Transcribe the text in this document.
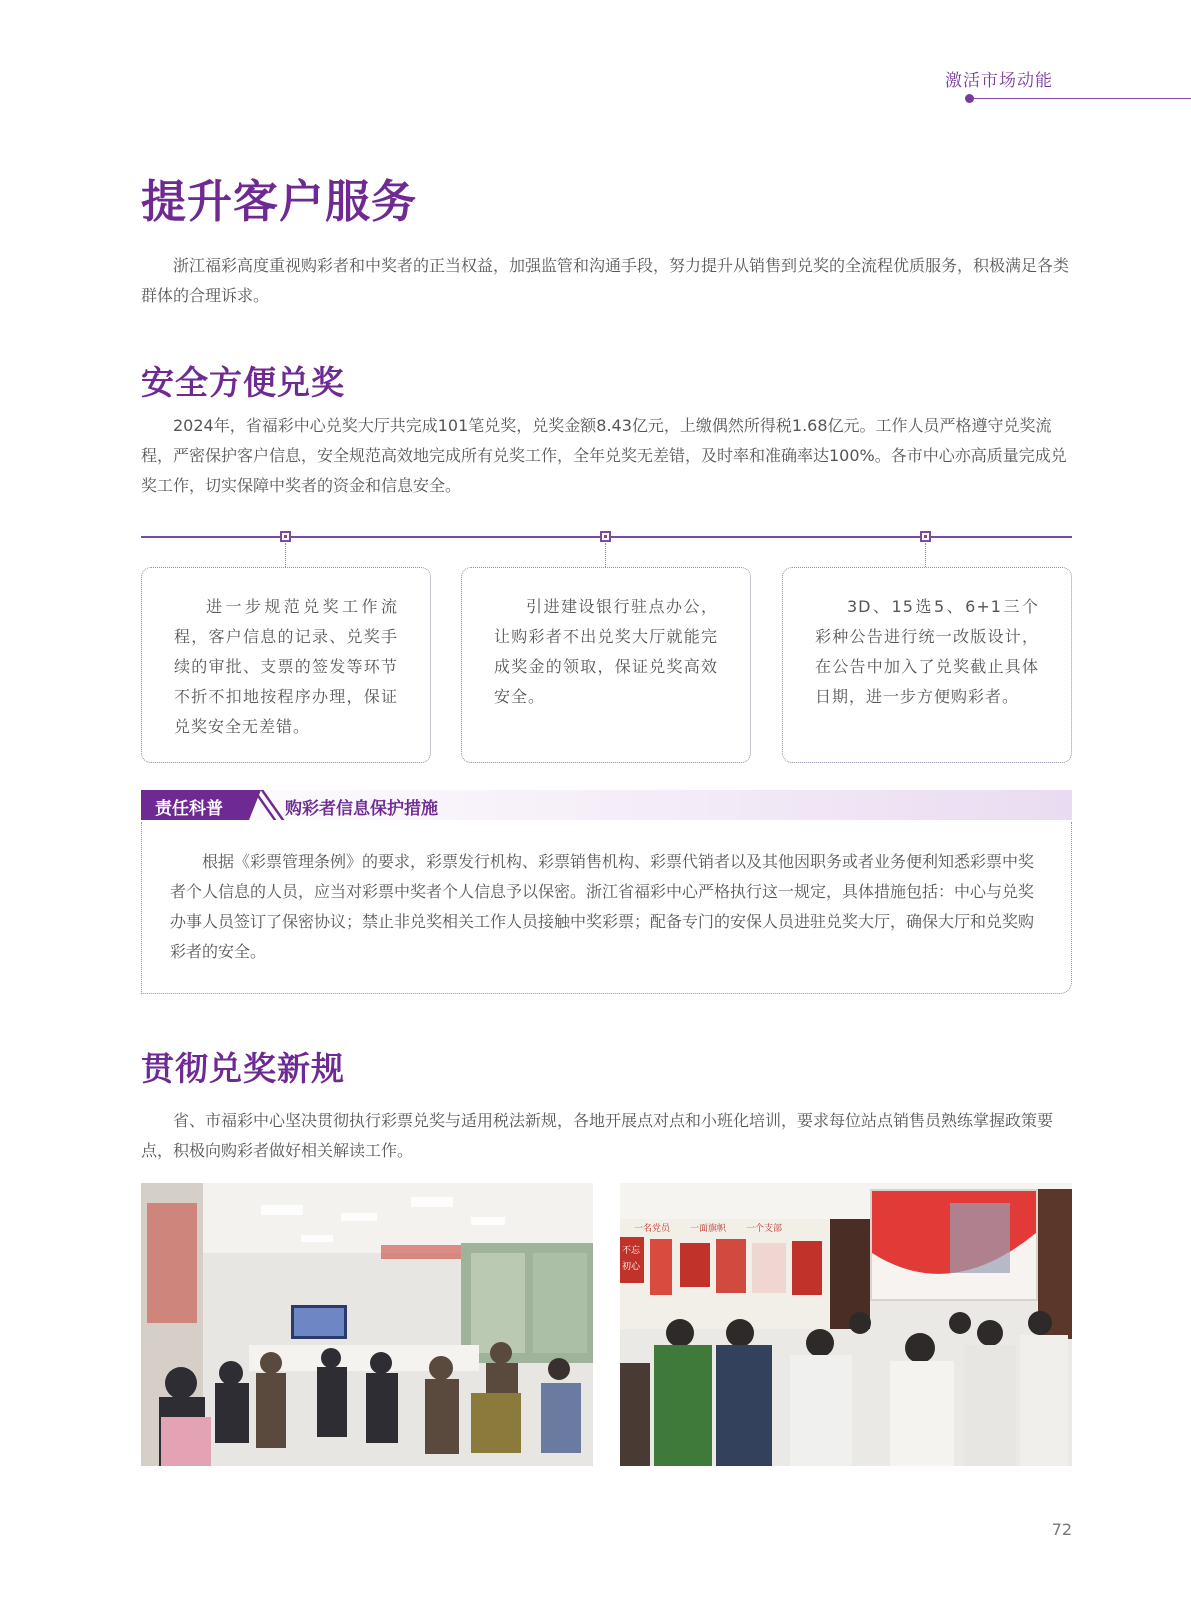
激活市场动能
提升客户服务

浙江福彩高度重视购彩者和中奖者的正当权益，加强监管和沟通手段，努力提升从销售到兑奖的全流程优质服务，积极满足各类群体的合理诉求。

安全方便兑奖

2024年，省福彩中心兑奖大厅共完成101笔兑奖，兑奖金额8.43亿元，上缴偶然所得税1.68亿元。工作人员严格遵守兑奖流程，严密保护客户信息，安全规范高效地完成所有兑奖工作，全年兑奖无差错，及时率和准确率达100%。各市中心亦高质量完成兑奖工作，切实保障中奖者的资金和信息安全。

进一步规范兑奖工作流程，客户信息的记录、兑奖手续的审批、支票的签发等环节不折不扣地按程序办理，保证兑奖安全无差错。

引进建设银行驻点办公，让购彩者不出兑奖大厅就能完成奖金的领取，保证兑奖高效安全。

3D、15选5、6+1三个彩种公告进行统一改版设计，在公告中加入了兑奖截止具体日期，进一步方便购彩者。

责任科普	购彩者信息保护措施

根据《彩票管理条例》的要求，彩票发行机构、彩票销售机构、彩票代销者以及其他因职务或者业务便利知悉彩票中奖者个人信息的人员，应当对彩票中奖者个人信息予以保密。浙江省福彩中心严格执行这一规定，具体措施包括：中心与兑奖办事人员签订了保密协议；禁止非兑奖相关工作人员接触中奖彩票；配备专门的安保人员进驻兑奖大厅，确保大厅和兑奖购彩者的安全。

贯彻兑奖新规

省、市福彩中心坚决贯彻执行彩票兑奖与适用税法新规，各地开展点对点和小班化培训，要求每位站点销售员熟练掌握政策要点，积极向购彩者做好相关解读工作。

一名党员 一面旗帜 一个支部
不忘
初心
72
